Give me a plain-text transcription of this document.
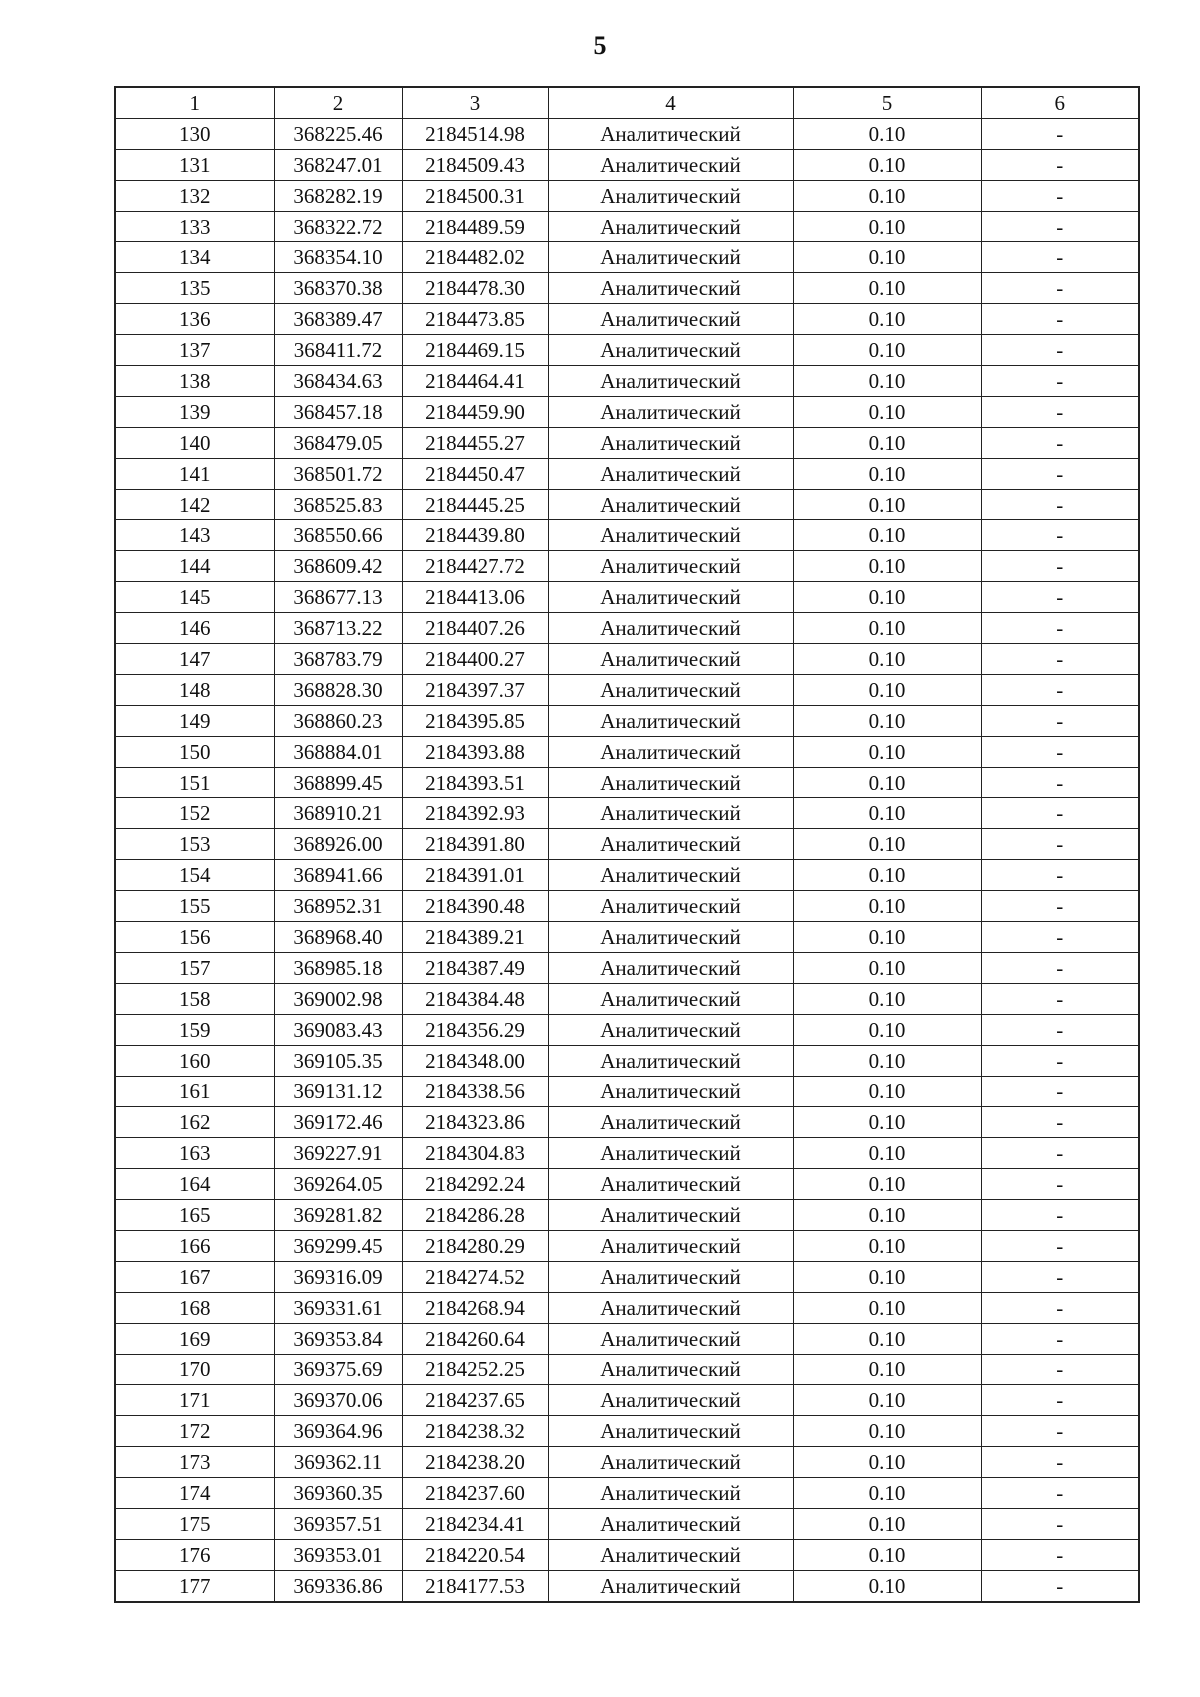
5
1	2	3	4	5	6
130	368225.46	2184514.98	Аналитический	0.10	-
131	368247.01	2184509.43	Аналитический	0.10	-
132	368282.19	2184500.31	Аналитический	0.10	-
133	368322.72	2184489.59	Аналитический	0.10	-
134	368354.10	2184482.02	Аналитический	0.10	-
135	368370.38	2184478.30	Аналитический	0.10	-
136	368389.47	2184473.85	Аналитический	0.10	-
137	368411.72	2184469.15	Аналитический	0.10	-
138	368434.63	2184464.41	Аналитический	0.10	-
139	368457.18	2184459.90	Аналитический	0.10	-
140	368479.05	2184455.27	Аналитический	0.10	-
141	368501.72	2184450.47	Аналитический	0.10	-
142	368525.83	2184445.25	Аналитический	0.10	-
143	368550.66	2184439.80	Аналитический	0.10	-
144	368609.42	2184427.72	Аналитический	0.10	-
145	368677.13	2184413.06	Аналитический	0.10	-
146	368713.22	2184407.26	Аналитический	0.10	-
147	368783.79	2184400.27	Аналитический	0.10	-
148	368828.30	2184397.37	Аналитический	0.10	-
149	368860.23	2184395.85	Аналитический	0.10	-
150	368884.01	2184393.88	Аналитический	0.10	-
151	368899.45	2184393.51	Аналитический	0.10	-
152	368910.21	2184392.93	Аналитический	0.10	-
153	368926.00	2184391.80	Аналитический	0.10	-
154	368941.66	2184391.01	Аналитический	0.10	-
155	368952.31	2184390.48	Аналитический	0.10	-
156	368968.40	2184389.21	Аналитический	0.10	-
157	368985.18	2184387.49	Аналитический	0.10	-
158	369002.98	2184384.48	Аналитический	0.10	-
159	369083.43	2184356.29	Аналитический	0.10	-
160	369105.35	2184348.00	Аналитический	0.10	-
161	369131.12	2184338.56	Аналитический	0.10	-
162	369172.46	2184323.86	Аналитический	0.10	-
163	369227.91	2184304.83	Аналитический	0.10	-
164	369264.05	2184292.24	Аналитический	0.10	-
165	369281.82	2184286.28	Аналитический	0.10	-
166	369299.45	2184280.29	Аналитический	0.10	-
167	369316.09	2184274.52	Аналитический	0.10	-
168	369331.61	2184268.94	Аналитический	0.10	-
169	369353.84	2184260.64	Аналитический	0.10	-
170	369375.69	2184252.25	Аналитический	0.10	-
171	369370.06	2184237.65	Аналитический	0.10	-
172	369364.96	2184238.32	Аналитический	0.10	-
173	369362.11	2184238.20	Аналитический	0.10	-
174	369360.35	2184237.60	Аналитический	0.10	-
175	369357.51	2184234.41	Аналитический	0.10	-
176	369353.01	2184220.54	Аналитический	0.10	-
177	369336.86	2184177.53	Аналитический	0.10	-
